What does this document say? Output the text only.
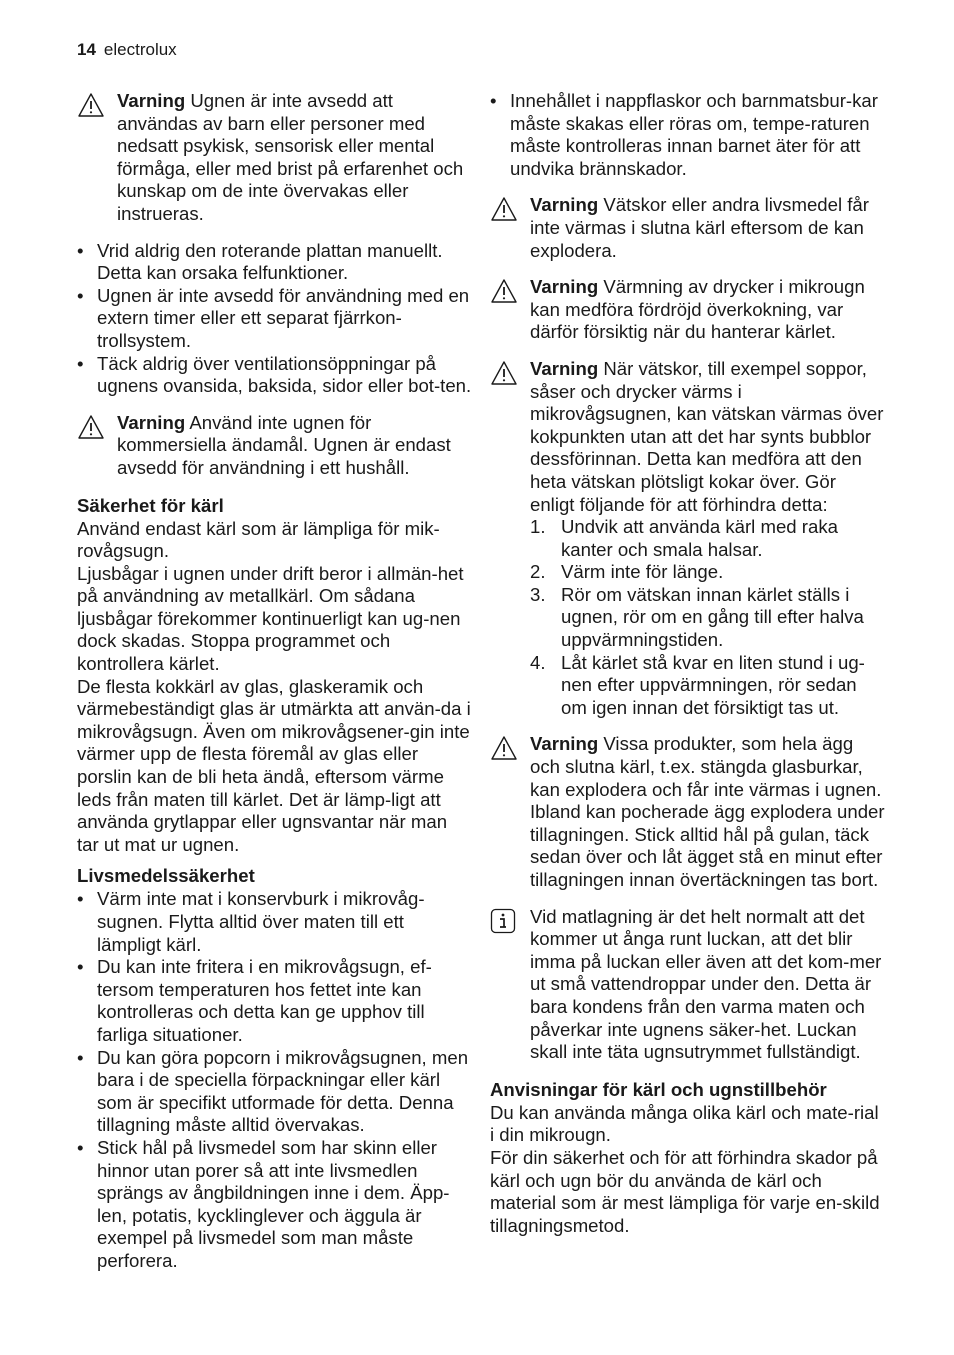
14 electrolux
Varning Ugnen är inte avsedd att användas av barn eller personer med nedsatt psykisk, sensorisk eller mental förmåga, eller med brist på erfarenhet och kunskap om de inte övervakas eller instrueras.
• Vrid aldrig den roterande plattan manuellt. Detta kan orsaka felfunktioner.
• Ugnen är inte avsedd för användning med en extern timer eller ett separat fjärrkon-trollsystem.
• Täck aldrig över ventilationsöppningar på ugnens ovansida, baksida, sidor eller bot-ten.
Varning Använd inte ugnen för kommersiella ändamål. Ugnen är endast avsedd för användning i ett hushåll.
Säkerhet för kärl

Använd endast kärl som är lämpliga för mik-rovågsugn.

Ljusbågar i ugnen under drift beror i allmän-het på användning av metallkärl. Om sådana ljusbågar förekommer kontinuerligt kan ug-nen dock skadas. Stoppa programmet och kontrollera kärlet.

De flesta kokkärl av glas, glaskeramik och värmebeständigt glas är utmärkta att använ-da i mikrovågsugn. Även om mikrovågsener-gin inte värmer upp de flesta föremål av glas eller porslin kan de bli heta ändå, eftersom värme leds från maten till kärlet. Det är lämp-ligt att använda grytlappar eller ugnsvantar när man tar ut mat ur ugnen.

Livsmedelssäkerhet
• Värm inte mat i konservburk i mikrovåg-sugnen. Flytta alltid över maten till ett lämpligt kärl.
• Du kan inte fritera i en mikrovågsugn, ef-tersom temperaturen hos fettet inte kan kontrolleras och detta kan ge upphov till farliga situationer.
• Du kan göra popcorn i mikrovågsugnen, men bara i de speciella förpackningar eller kärl som är specifikt utformade för detta. Denna tillagning måste alltid övervakas.
• Stick hål på livsmedel som har skinn eller hinnor utan porer så att inte livsmedlen sprängs av ångbildningen inne i dem. Äpp-len, potatis, kycklinglever och äggula är exempel på livsmedel som man måste perforera.
• Innehållet i nappflaskor och barnmatsbur-kar måste skakas eller röras om, tempe-raturen måste kontrolleras innan barnet äter för att undvika brännskador.
Varning Vätskor eller andra livsmedel får inte värmas i slutna kärl eftersom de kan explodera.
Varning Värmning av drycker i mikrougn kan medföra fördröjd överkokning, var därför försiktig när du hanterar kärlet.
Varning När vätskor, till exempel soppor, såser och drycker värms i mikrovågsugnen, kan vätskan värmas över kokpunkten utan att det har synts bubblor dessförinnan. Detta kan medföra att den heta vätskan plötsligt kokar över. Gör enligt följande för att förhindra detta:
1. Undvik att använda kärl med raka kanter och smala halsar.
2. Värm inte för länge.
3. Rör om vätskan innan kärlet ställs i ugnen, rör om en gång till efter halva uppvärmningstiden.
4. Låt kärlet stå kvar en liten stund i ug-nen efter uppvärmningen, rör sedan om igen innan det försiktigt tas ut.
Varning Vissa produkter, som hela ägg och slutna kärl, t.ex. stängda glasburkar, kan explodera och får inte värmas i ugnen. Ibland kan pocherade ägg explodera under tillagningen. Stick alltid hål på gulan, täck sedan över och låt ägget stå en minut efter tillagningen innan övertäckningen tas bort.
Vid matlagning är det helt normalt att det kommer ut ånga runt luckan, att det blir imma på luckan eller även att det kom-mer ut små vattendroppar under den. Detta är bara kondens från den varma maten och påverkar inte ugnens säker-het. Luckan skall inte täta ugnsutrymmet fullständigt.
Anvisningar för kärl och ugnstillbehör

Du kan använda många olika kärl och mate-rial i din mikrougn.

För din säkerhet och för att förhindra skador på kärl och ugn bör du använda de kärl och material som är mest lämpliga för varje en-skild tillagningsmetod.
